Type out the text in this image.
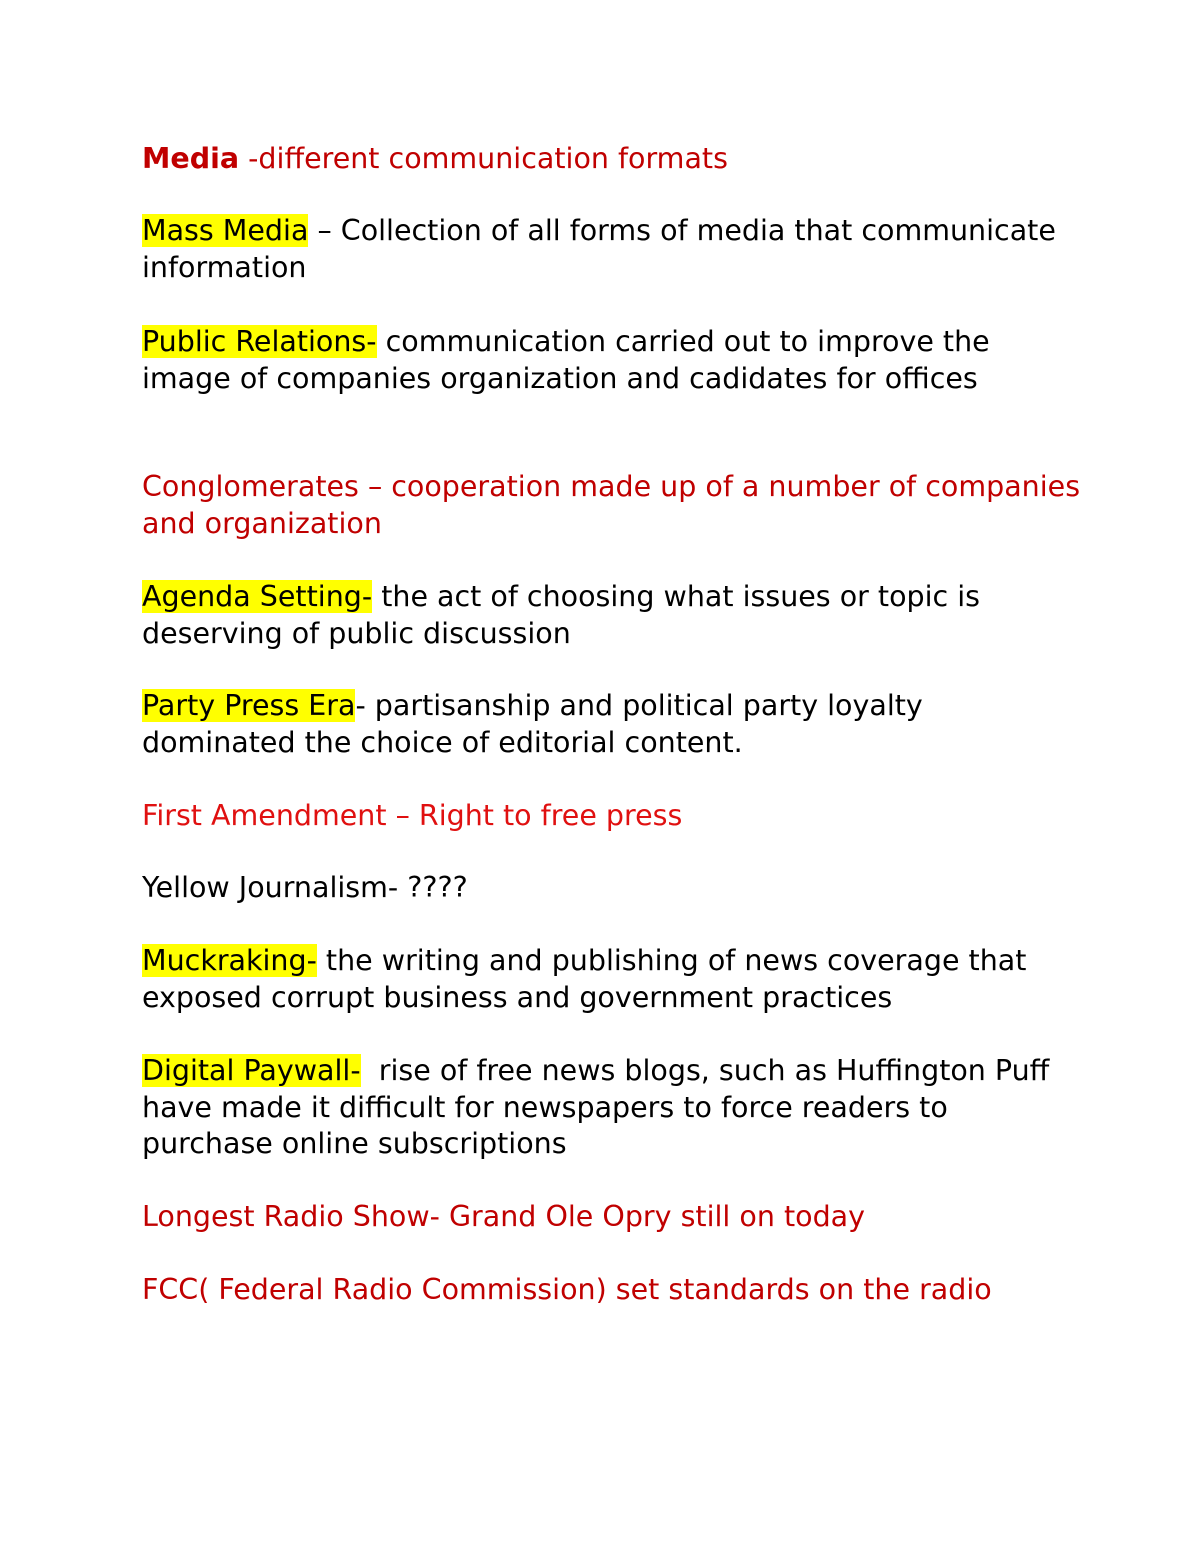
Media -different communication formats

Mass Media – Collection of all forms of media that communicate information

Public Relations- communication carried out to improve the image of companies organization and cadidates for offices

Conglomerates – cooperation made up of a number of companies and organization

Agenda Setting- the act of choosing what issues or topic is deserving of public discussion

Party Press Era- partisanship and political party loyalty dominated the choice of editorial content.

First Amendment – Right to free press

Yellow Journalism- ????

Muckraking- the writing and publishing of news coverage that exposed corrupt business and government practices

Digital Paywall-  rise of free news blogs, such as Huffington Puff have made it difficult for newspapers to force readers to purchase online subscriptions

Longest Radio Show- Grand Ole Opry still on today

FCC( Federal Radio Commission) set standards on the radio
